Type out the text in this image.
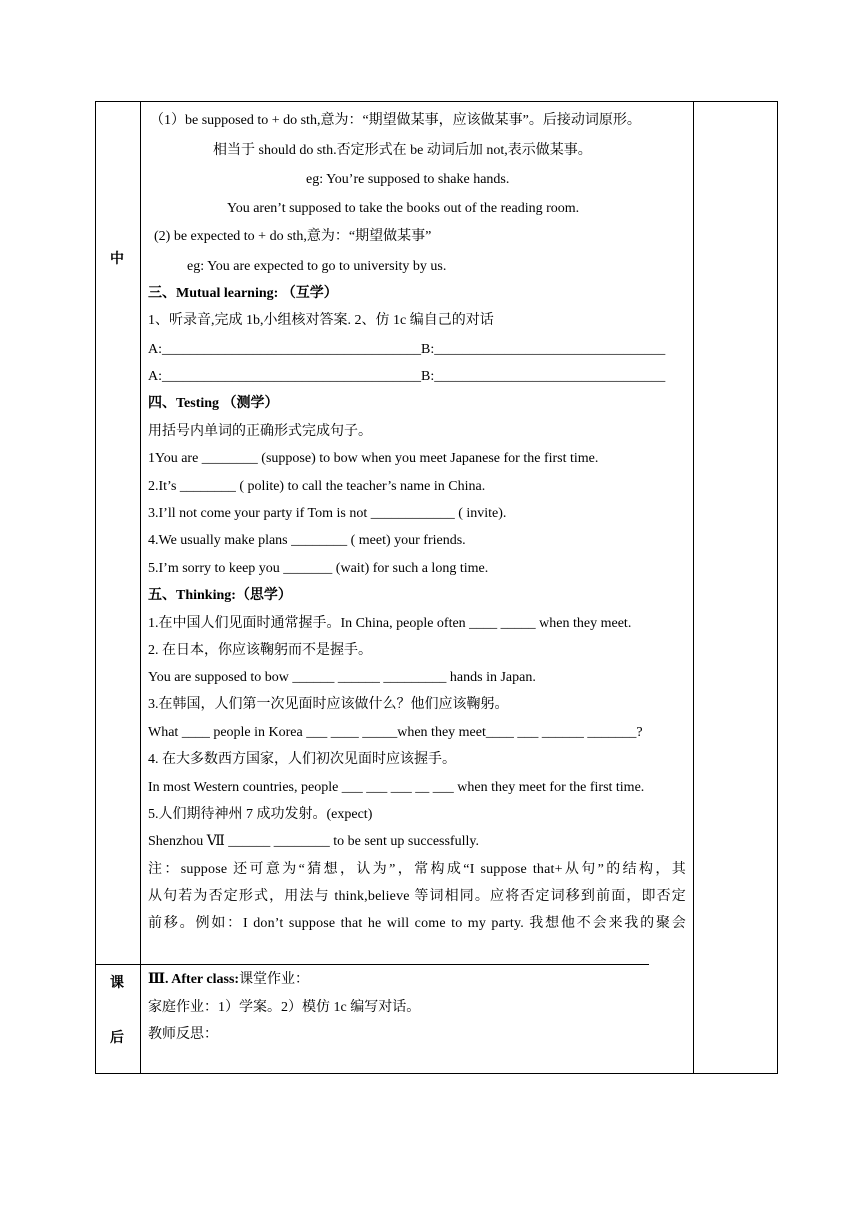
中
课
后
（1）be supposed to + do sth,意为：“期望做某事，应该做某事”。后接动词原形。
相当于 should do sth.否定形式在 be 动词后加 not,表示做某事。
eg: You’re supposed to shake hands.
You aren’t supposed to take the books out of the reading room.
(2) be expected to + do sth,意为：“期望做某事”
eg: You are expected to go to university by us.
三、Mutual learning: （互学）
1、听录音,完成 1b,小组核对答案. 2、仿 1c 编自己的对话
A:_____________________________________B:_________________________________
A:_____________________________________B:_________________________________
四、Testing （测学）
用括号内单词的正确形式完成句子。
1You are ________ (suppose) to bow when you meet Japanese for the first time.
2.It’s ________ ( polite) to call the teacher’s name in China.
3.I’ll not come your party if Tom is not ____________ ( invite).
4.We usually make plans ________ ( meet) your friends.
5.I’m sorry to keep you _______ (wait) for such a long time.
五、Thinking:（思学）
1.在中国人们见面时通常握手。In China, people often ____ _____ when they meet.
2. 在日本，你应该鞠躬而不是握手。
You are supposed to bow ______ ______ _________ hands in Japan.
3.在韩国，人们第一次见面时应该做什么？他们应该鞠躬。
What ____ people in Korea ___ ____ _____when they meet____ ___ ______ _______?
4. 在大多数西方国家，人们初次见面时应该握手。
In most Western countries, people ___ ___ ___ __ ___ when they meet for the first time.
5.人们期待神州 7 成功发射。(expect)
Shenzhou Ⅶ ______ ________ to be sent up successfully.
注：suppose 还可意为“猜想，认为”，常构成“I suppose that+从句”的结构，其
从句若为否定形式，用法与 think,believe 等词相同。应将否定词移到前面，即否定
前移。例如：I don’t suppose that he will come to my party. 我想他不会来我的聚会
Ⅲ. After class:课堂作业：
家庭作业：1）学案。2）模仿 1c 编写对话。
教师反思：
